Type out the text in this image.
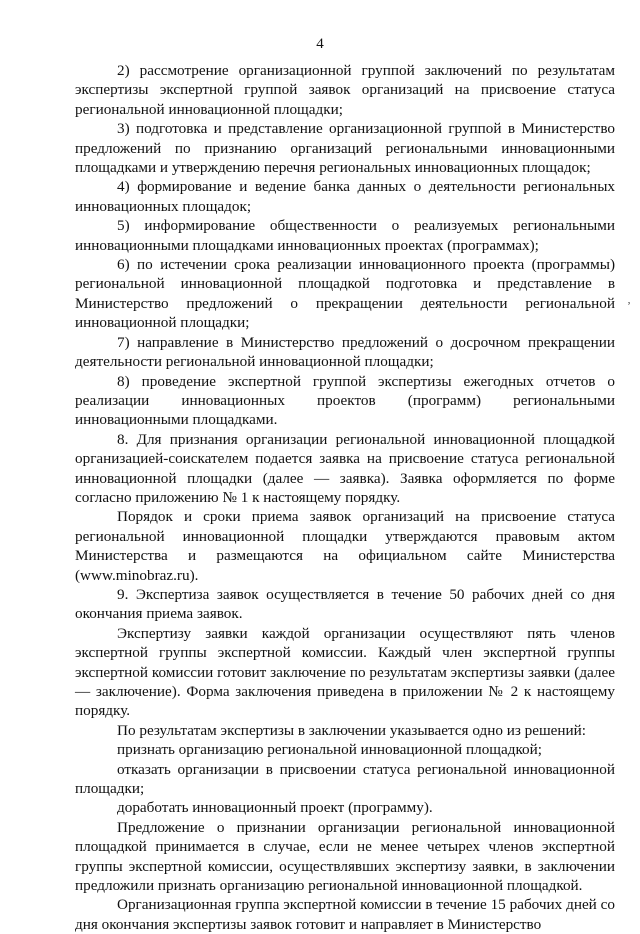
4

2) рассмотрение организационной группой заключений по результатам экспертизы экспертной группой заявок организаций на присвоение статуса региональной инновационной площадки;

3) подготовка и представление организационной группой в Министерство предложений по признанию организаций региональными инновационными площадками и утверждению перечня региональных инновационных площадок;

4) формирование и ведение банка данных о деятельности региональных инновационных площадок;

5) информирование общественности о реализуемых региональными инновационными площадками инновационных проектах (программах);

6) по истечении срока реализации инновационного проекта (программы) региональной инновационной площадкой подготовка и представление в Министерство предложений о прекращении деятельности региональной инновационной площадки;

7) направление в Министерство предложений о досрочном прекращении деятельности региональной инновационной площадки;

8) проведение экспертной группой экспертизы ежегодных отчетов о реализации инновационных проектов (программ) региональными инновационными площадками.

8. Для признания организации региональной инновационной площадкой организацией-соискателем подается заявка на присвоение статуса региональной инновационной площадки (далее — заявка). Заявка оформляется по форме согласно приложению № 1 к настоящему порядку.

Порядок и сроки приема заявок организаций на присвоение статуса региональной инновационной площадки утверждаются правовым актом Министерства и размещаются на официальном сайте Министерства (www.minobraz.ru).

9. Экспертиза заявок осуществляется в течение 50 рабочих дней со дня окончания приема заявок.

Экспертизу заявки каждой организации осуществляют пять членов экспертной группы экспертной комиссии. Каждый член экспертной группы экспертной комиссии готовит заключение по результатам экспертизы заявки (далее — заключение). Форма заключения приведена в приложении № 2 к настоящему порядку.

По результатам экспертизы в заключении указывается одно из решений:

признать организацию региональной инновационной площадкой;

отказать организации в присвоении статуса региональной инновационной площадки;

доработать инновационный проект (программу).

Предложение о признании организации региональной инновационной площадкой принимается в случае, если не менее четырех членов экспертной группы экспертной комиссии, осуществлявших экспертизу заявки, в заключении предложили признать организацию региональной инновационной площадкой.

Организационная группа экспертной комиссии в течение 15 рабочих дней со дня окончания экспертизы заявок готовит и направляет в Министерство

‚
